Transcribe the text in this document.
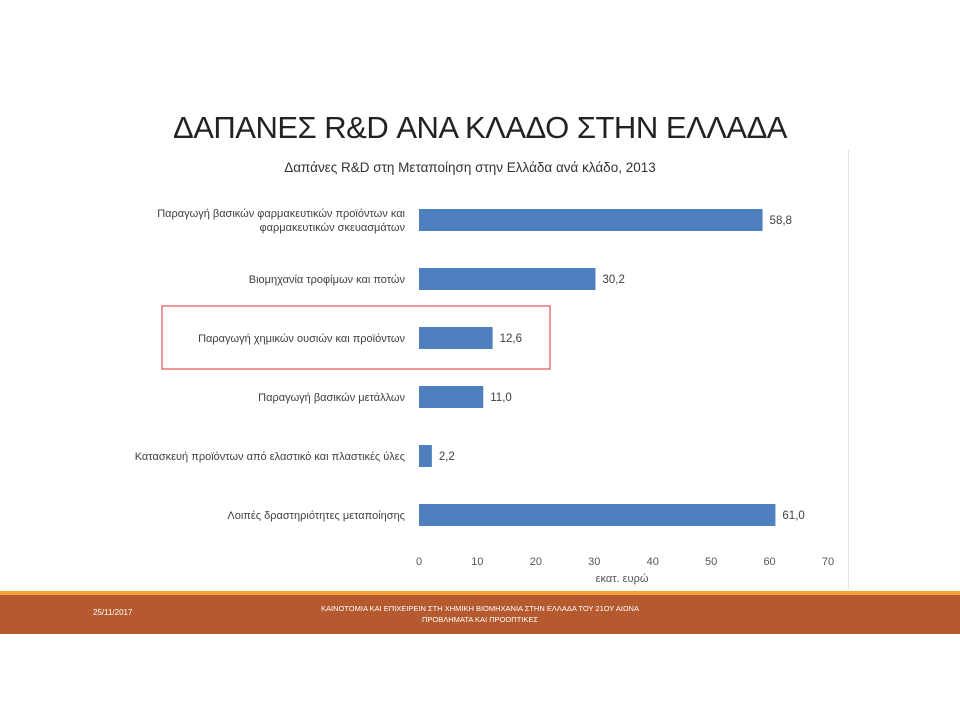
ΔΑΠΑΝΕΣ R&D ΑΝΑ ΚΛΑΔΟ ΣΤΗΝ ΕΛΛΑΔΑ
Δαπάνες R&D στη Μεταποίηση στην Ελλάδα ανά κλάδο, 2013
εκατ. ευρώ
58,8
Παραγωγή βασικών φαρμακευτικών προϊόντων και
φαρμακευτικών σκευασμάτων
30,2
Βιομηχανία τροφίμων και ποτών
12,6
Παραγωγή χημικών ουσιών και προϊόντων
11,0
Παραγωγή βασικών μετάλλων
2,2
Κατασκευή προϊόντων από ελαστικό και πλαστικές ύλες
61,0
Λοιπές δραστηριότητες μεταποίησης
0	10	20	30	40	50	60	70
25/11/2017	ΚΑΙΝΟΤΟΜΙΑ ΚΑΙ ΕΠΙΧΕΙΡΕΙΝ ΣΤΗ ΧΗΜΙΚΗ ΒΙΟΜΗΧΑΝΙΑ ΣΤΗΝ ΕΛΛΑΔΑ ΤΟΥ 21ΟΥ ΑΙΩΝΑ
ΠΡΟΒΛΗΜΑΤΑ ΚΑΙ ΠΡΟΟΠΤΙΚΕΣ
